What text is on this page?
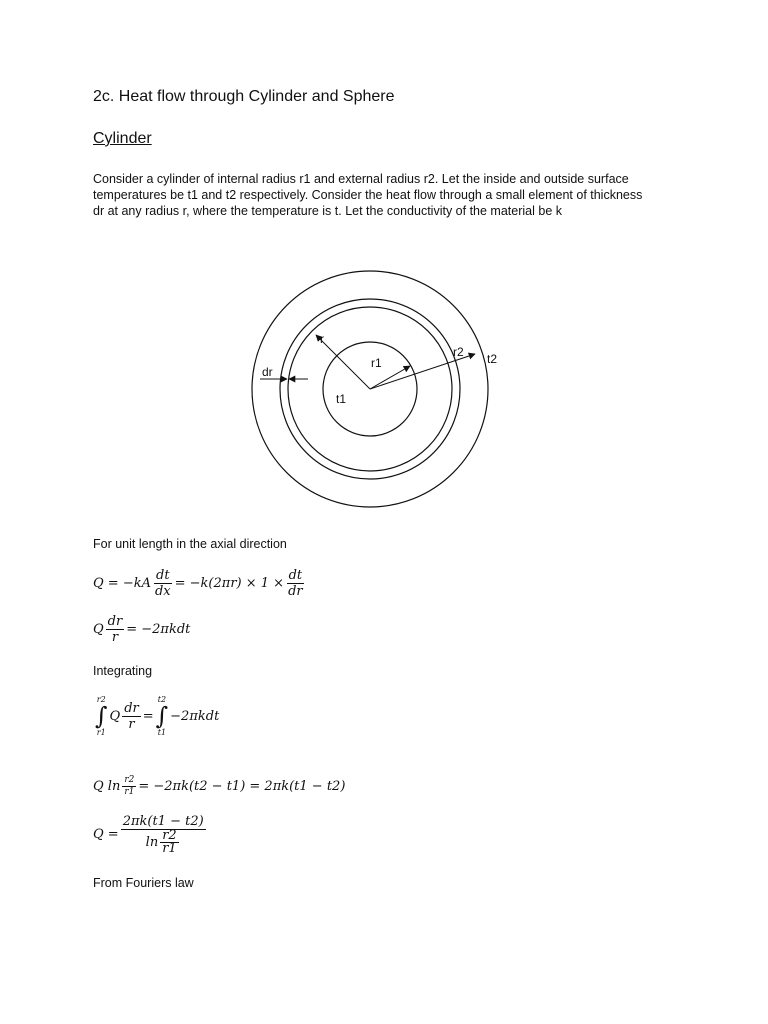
2c. Heat flow through Cylinder and Sphere
Cylinder
Consider a cylinder of internal radius r1 and external radius r2. Let the inside and outside surface
temperatures be t1 and t2 respectively. Consider the heat flow through a small element of thickness
dr at any radius r, where the temperature is t. Let the conductivity of the material be k
r
r1
r2
t1
t2
dr
For unit length in the axial direction
$Q = -kA \frac{dt}{dx} = -k(2\pi r) \times 1 \times \frac{dt}{dr}$
Q $\frac{dr}{r} = -2\pi kdt$
Integrating
r2
∫
r1
Q $\frac{dr}{r}$ =
t2
∫
t1
−2πkdt
Q $\ln \frac{r2}{r1} = -2\pi k(t2 - t1) = 2\pi k(t1 - t2)$
$Q = \frac{2\pi k(t1 - t2)}{\ln \frac{r2}{r1}}$
From Fouriers law
